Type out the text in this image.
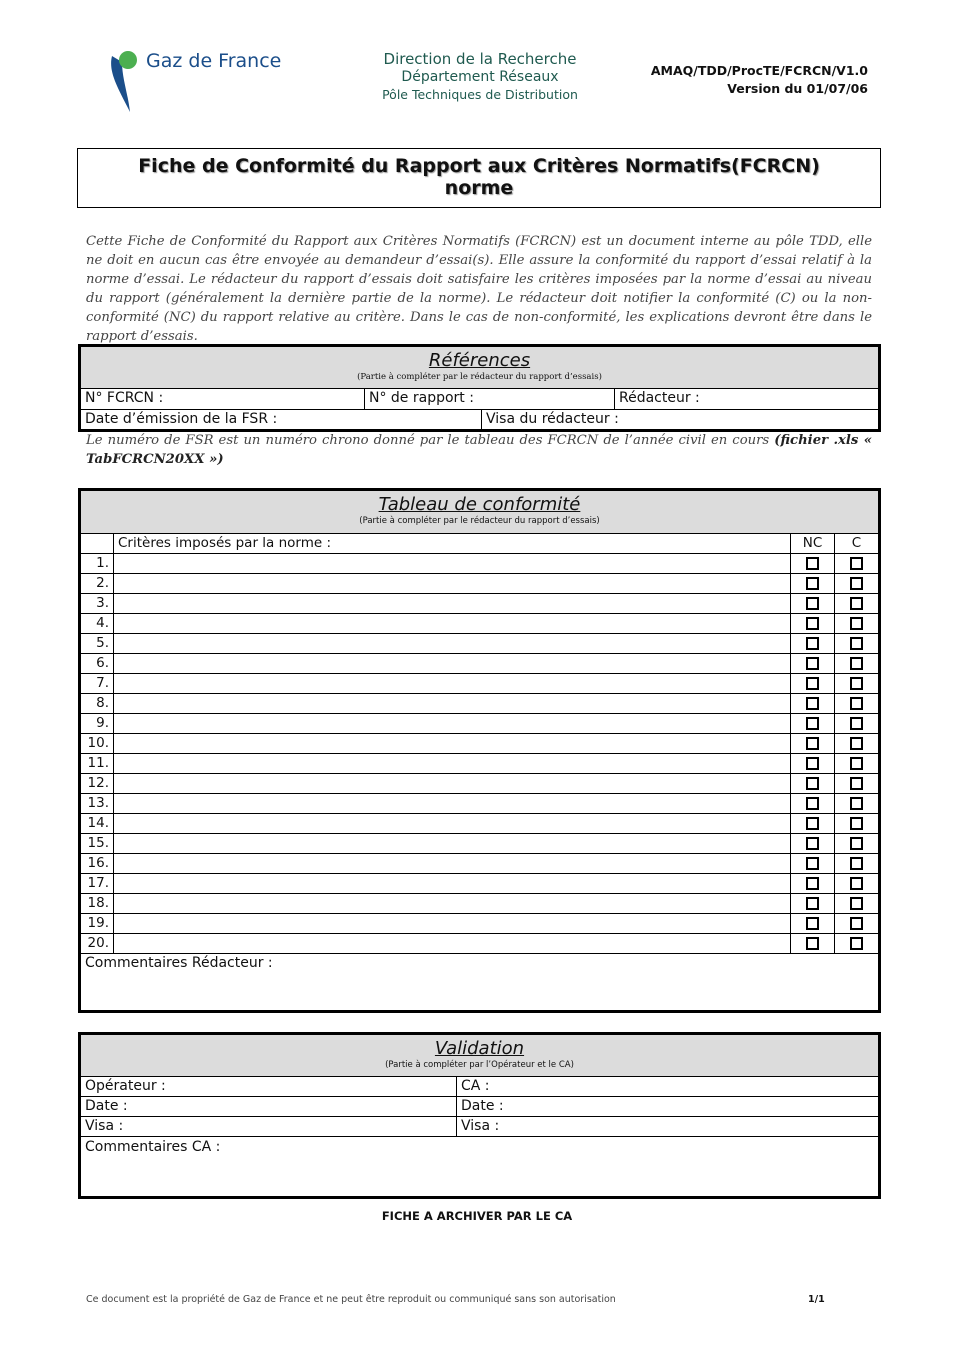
Gaz de France	Direction de la Recherche
Département Réseaux
Pôle Techniques de Distribution
AMAQ/TDD/ProcTE/FCRCN/V1.0
Version du 01/07/06
Fiche de Conformité du Rapport aux Critères Normatifs(FCRCN)
norme
Cette Fiche de Conformité du Rapport aux Critères Normatifs (FCRCN) est un document interne au pôle TDD, elle ne doit en aucun cas être envoyée au demandeur d’essai(s). Elle assure la conformité du rapport d’essai relatif à la norme d’essai. Le rédacteur du rapport d’essais doit satisfaire les critères imposées par la norme d’essai au niveau du rapport (généralement la dernière partie de la norme). Le rédacteur doit notifier la conformité (C) ou la non-conformité (NC) du rapport relative au critère. Dans le cas de non-conformité, les explications devront être dans le rapport d’essais.
Références
(Partie à compléter par le rédacteur du rapport d’essais)
N° FCRCN :	N° de rapport :	Rédacteur :
Date d’émission de la FSR :	Visa du rédacteur :
Le numéro de FSR est un numéro chrono donné par le tableau des FCRCN de l’année civil en cours (fichier .xls « TabFCRCN20XX »)
Tableau de conformité
(Partie à compléter par le rédacteur du rapport d’essais)
Critères imposés par la norme :	NC	C
1.
2.
3.
4.
5.
6.
7.
8.
9.
10.
11.
12.
13.
14.
15.
16.
17.
18.
19.
20.
Commentaires Rédacteur :
Validation
(Partie à compléter par l’Opérateur et le CA)
Opérateur :	CA :
Date :	Date :
Visa :	Visa :
Commentaires CA :
FICHE A ARCHIVER PAR LE CA
Ce document est la propriété de Gaz de France et ne peut être reproduit ou communiqué sans son autorisation	1/1
